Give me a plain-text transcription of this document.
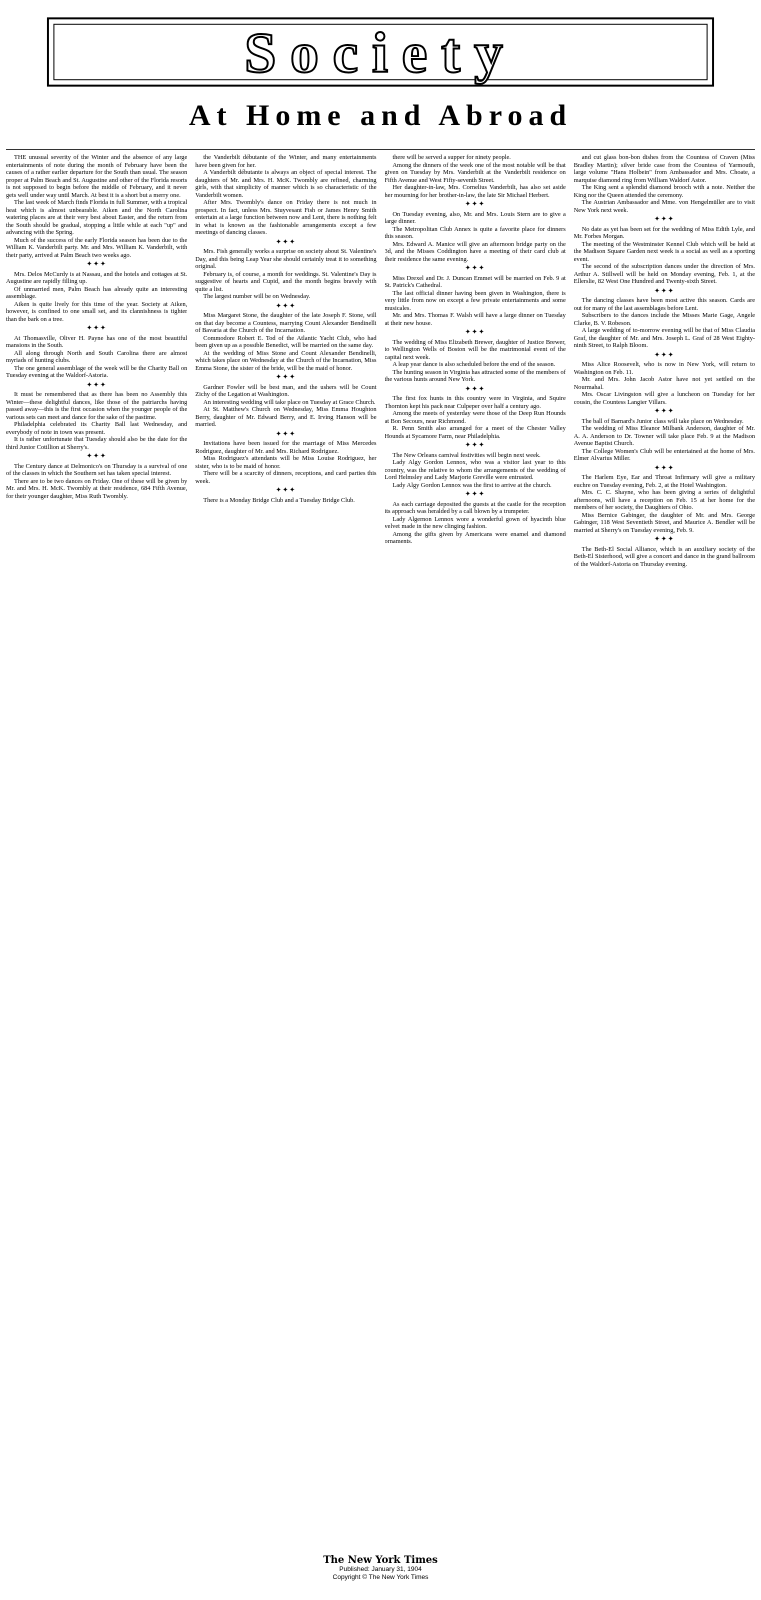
Society
At Home and Abroad

THE unusual severity of the Winter and the absence of any large entertainments of note during the month of February have been the causes of a rather earlier departure for the South than usual. The season proper at Palm Beach and St. Augustine and other of the Florida resorts is not supposed to begin before the middle of February, and it never gets well under way until March. At best it is a short but a merry one.

The last week of March finds Florida in full Summer, with a tropical heat which is almost unbearable. Aiken and the North Carolina watering places are at their very best about Easter, and the return from the South should be gradual, stopping a little while at each "up" and advancing with the Spring.

Much of the success of the early Florida season has been due to the William K. Vanderbilt party. Mr. and Mrs. William K. Vanderbilt, with their party, arrived at Palm Beach two weeks ago.

✦✦✦

Mrs. Delos McCurdy is at Nassau, and the hotels and cottages at St. Augustine are rapidly filling up.

Of unmarried men, Palm Beach has already quite an interesting assemblage.

Aiken is quite lively for this time of the year. Society at Aiken, however, is confined to one small set, and its clannishness is tighter than the bark on a tree.

✦✦✦

At Thomasville, Oliver H. Payne has one of the most beautiful mansions in the South.

All along through North and South Carolina there are almost myriads of hunting clubs.

The one general assemblage of the week will be the Charity Ball on Tuesday evening at the Waldorf-Astoria.

✦✦✦

It must be remembered that as there has been no Assembly this Winter—these delightful dances, like those of the patriarchs having passed away—this is the first occasion when the younger people of the various sets can meet and dance for the sake of the pastime.

Philadelphia celebrated its Charity Ball last Wednesday, and everybody of note in town was present.

It is rather unfortunate that Tuesday should also be the date for the third Junior Cotillion at Sherry's.

✦✦✦

The Century dance at Delmonico's on Thursday is a survival of one of the classes in which the Southern set has taken special interest.

There are to be two dances on Friday. One of these will be given by Mr. and Mrs. H. McK. Twombly at their residence, 684 Fifth Avenue, for their younger daughter, Miss Ruth Twombly.

the Vanderbilt débutante of the Winter, and many entertainments have been given for her.

A Vanderbilt débutante is always an object of special interest. The daughters of Mr. and Mrs. H. McK. Twombly are refined, charming girls, with that simplicity of manner which is so characteristic of the Vanderbilt women.

After Mrs. Twombly's dance on Friday there is not much in prospect. In fact, unless Mrs. Stuyvesant Fish or James Henry Smith entertain at a large function between now and Lent, there is nothing felt in what is known as the fashionable arrangements except a few meetings of dancing classes.

✦✦✦

Mrs. Fish generally works a surprise on society about St. Valentine's Day, and this being Leap Year she should certainly treat it to something original.

February is, of course, a month for weddings. St. Valentine's Day is suggestive of hearts and Cupid, and the month begins bravely with quite a list.

The largest number will be on Wednesday.

✦✦✦

Miss Margaret Stone, the daughter of the late Joseph F. Stone, will on that day become a Countess, marrying Count Alexander Bendinelli of Bavaria at the Church of the Incarnation.

Commodore Robert E. Tod of the Atlantic Yacht Club, who had been given up as a possible Benedict, will be married on the same day.

At the wedding of Miss Stone and Count Alexander Bendinelli, which takes place on Wednesday at the Church of the Incarnation, Miss Emma Stone, the sister of the bride, will be the maid of honor.

✦✦✦

Gardner Fowler will be best man, and the ushers will be Count Zichy of the Legation at Washington.

An interesting wedding will take place on Tuesday at Grace Church.

At St. Matthew's Church on Wednesday, Miss Emma Houghton Berry, daughter of Mr. Edward Berry, and E. Irving Hanson will be married.

✦✦✦

Invitations have been issued for the marriage of Miss Mercedes Rodriguez, daughter of Mr. and Mrs. Richard Rodriguez.

Miss Rodriguez's attendants will be Miss Louise Rodriguez, her sister, who is to be maid of honor.

There will be a scarcity of dinners, receptions, and card parties this week.

✦✦✦

There is a Monday Bridge Club and a Tuesday Bridge Club.

there will be served a supper for ninety people.

Among the dinners of the week one of the most notable will be that given on Tuesday by Mrs. Vanderbilt at the Vanderbilt residence on Fifth Avenue and West Fifty-seventh Street.

Her daughter-in-law, Mrs. Cornelius Vanderbilt, has also set aside her mourning for her brother-in-law, the late Sir Michael Herbert.

✦✦✦

On Tuesday evening, also, Mr. and Mrs. Louis Stern are to give a large dinner.

The Metropolitan Club Annex is quite a favorite place for dinners this season.

Mrs. Edward A. Manice will give an afternoon bridge party on the 3d, and the Misses Coddington have a meeting of their card club at their residence the same evening.

✦✦✦

Miss Drexel and Dr. J. Duncan Emmet will be married on Feb. 9 at St. Patrick's Cathedral.

The last official dinner having been given in Washington, there is very little from now on except a few private entertainments and some musicales.

Mr. and Mrs. Thomas F. Walsh will have a large dinner on Tuesday at their new house.

✦✦✦

The wedding of Miss Elizabeth Brewer, daughter of Justice Brewer, to Wellington Wells of Boston will be the matrimonial event of the capital next week.

A leap year dance is also scheduled before the end of the season.

The hunting season in Virginia has attracted some of the members of the various hunts around New York.

✦✦✦

The first fox hunts in this country were in Virginia, and Squire Thornton kept his pack near Culpeper over half a century ago.

Among the meets of yesterday were those of the Deep Run Hounds at Bon Secours, near Richmond.

R. Penn Smith also arranged for a meet of the Chester Valley Hounds at Sycamore Farm, near Philadelphia.

✦✦✦

The New Orleans carnival festivities will begin next week.

Lady Algy Gordon Lennox, who was a visitor last year to this country, was the relative to whom the arrangements of the wedding of Lord Helmsley and Lady Marjorie Greville were entrusted.

Lady Algy Gordon Lennox was the first to arrive at the church.

✦✦✦

As each carriage deposited the guests at the castle for the reception its approach was heralded by a call blown by a trumpeter.

Lady Algernon Lennox wore a wonderful gown of hyacinth blue velvet made in the new clinging fashion.

Among the gifts given by Americans were enamel and diamond ornaments.

and cut glass bon-bon dishes from the Countess of Craven (Miss Bradley Martin); silver bride case from the Countess of Yarmouth, large volume "Hans Holbein" from Ambassador and Mrs. Choate, a marquise diamond ring from William Waldorf Astor.

The King sent a splendid diamond brooch with a note. Neither the King nor the Queen attended the ceremony.

The Austrian Ambassador and Mme. von Hengelmüller are to visit New York next week.

✦✦✦

No date as yet has been set for the wedding of Miss Edith Lyle, and Mr. Forbes Morgan.

The meeting of the Westminster Kennel Club which will be held at the Madison Square Garden next week is a social as well as a sporting event.

The second of the subscription dances under the direction of Mrs. Arthur A. Stillwell will be held on Monday evening, Feb. 1, at the Ellerslie, 82 West One Hundred and Twenty-sixth Street.

✦✦✦

The dancing classes have been most active this season. Cards are out for many of the last assemblages before Lent.

Subscribers to the dances include the Misses Marie Gage, Angele Clarke, B. V. Robeson.

A large wedding of to-morrow evening will be that of Miss Claudia Graf, the daughter of Mr. and Mrs. Joseph L. Graf of 28 West Eighty-ninth Street, to Ralph Bloom.

✦✦✦

Miss Alice Roosevelt, who is now in New York, will return to Washington on Feb. 11.

Mr. and Mrs. John Jacob Astor have not yet settled on the Nourmahal.

Mrs. Oscar Livingston will give a luncheon on Tuesday for her cousin, the Countess Langier Villars.

✦✦✦

The ball of Barnard's Junior class will take place on Wednesday.

The wedding of Miss Eleanor Milbank Anderson, daughter of Mr. A. A. Anderson to Dr. Towner will take place Feb. 9 at the Madison Avenue Baptist Church.

The College Women's Club will be entertained at the home of Mrs. Elmer Alvarius Miller.

✦✦✦

The Harlem Eye, Ear and Throat Infirmary will give a military euchre on Tuesday evening, Feb. 2, at the Hotel Washington.

Mrs. C. C. Shayne, who has been giving a series of delightful afternoons, will have a reception on Feb. 15 at her home for the members of her society, the Daughters of Ohio.

Miss Bernice Gabinger, the daughter of Mr. and Mrs. George Gabinger, 118 West Seventieth Street, and Maurice A. Bendler will be married at Sherry's on Tuesday evening, Feb. 9.

✦✦✦

The Beth-El Social Alliance, which is an auxiliary society of the Beth-El Sisterhood, will give a concert and dance in the grand ballroom of the Waldorf-Astoria on Thursday evening.

The New York Times
Published: January 31, 1904
Copyright © The New York Times
